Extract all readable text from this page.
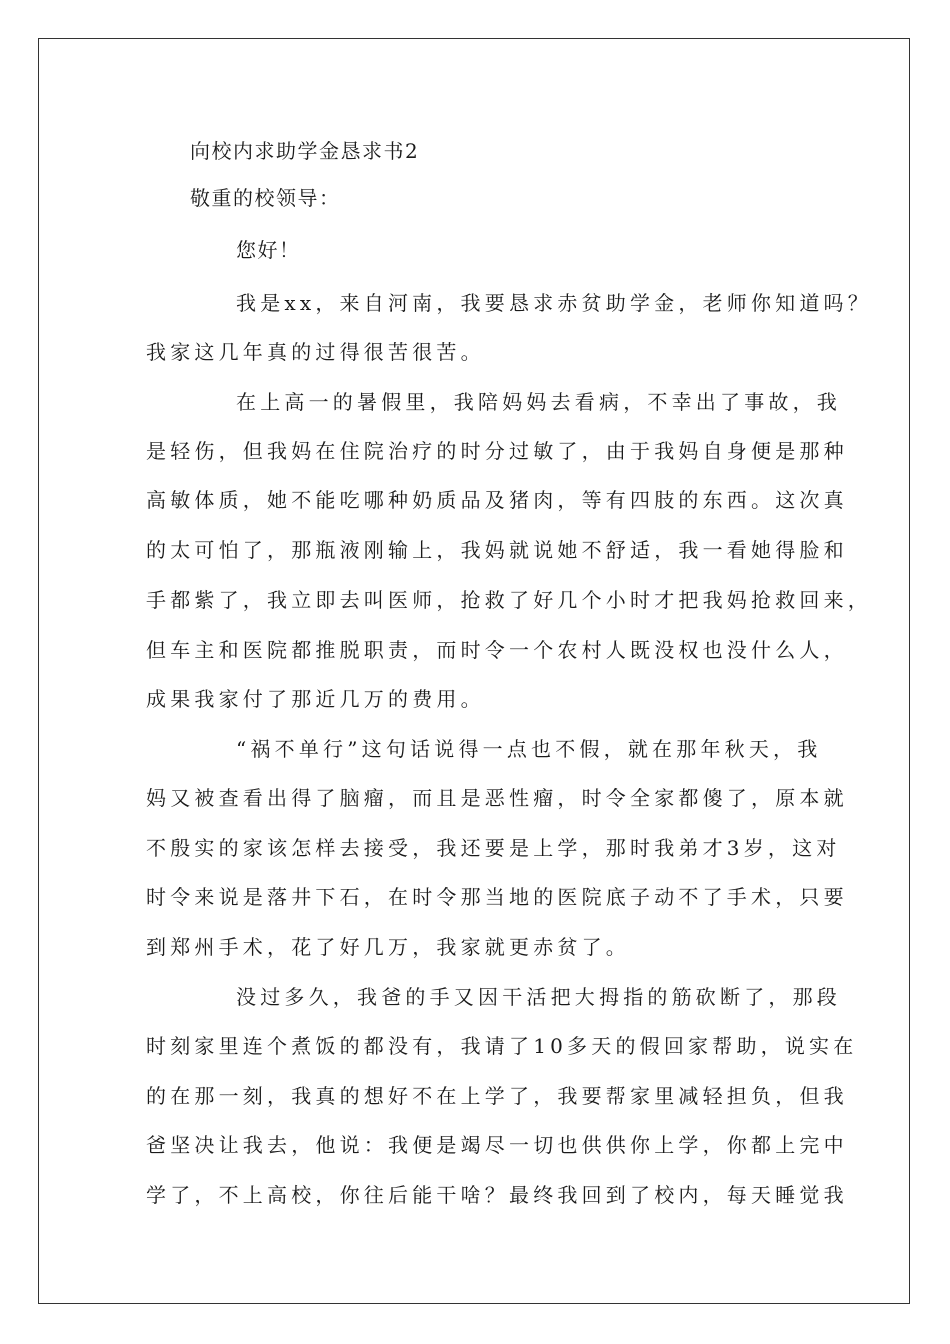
向校内求助学金恳求书2
敬重的校领导：
您好！
我是xx，来自河南，我要恳求赤贫助学金，老师你知道吗？
我家这几年真的过得很苦很苦。
在上高一的暑假里，我陪妈妈去看病，不幸出了事故，我
是轻伤，但我妈在住院治疗的时分过敏了，由于我妈自身便是那种
高敏体质，她不能吃哪种奶质品及猪肉，等有四肢的东西。这次真
的太可怕了，那瓶液刚输上，我妈就说她不舒适，我一看她得脸和
手都紫了，我立即去叫医师，抢救了好几个小时才把我妈抢救回来，
但车主和医院都推脱职责，而时令一个农村人既没权也没什么人，
成果我家付了那近几万的费用。
“祸不单行”这句话说得一点也不假，就在那年秋天，我
妈又被查看出得了脑瘤，而且是恶性瘤，时令全家都傻了，原本就
不殷实的家该怎样去接受，我还要是上学，那时我弟才3岁，这对
时令来说是落井下石，在时令那当地的医院底子动不了手术，只要
到郑州手术，花了好几万，我家就更赤贫了。
没过多久，我爸的手又因干活把大拇指的筋砍断了，那段
时刻家里连个煮饭的都没有，我请了10多天的假回家帮助，说实在
的在那一刻，我真的想好不在上学了，我要帮家里减轻担负，但我
爸坚决让我去，他说：我便是竭尽一切也供供你上学，你都上完中
学了，不上高校，你往后能干啥？最终我回到了校内，每天睡觉我
